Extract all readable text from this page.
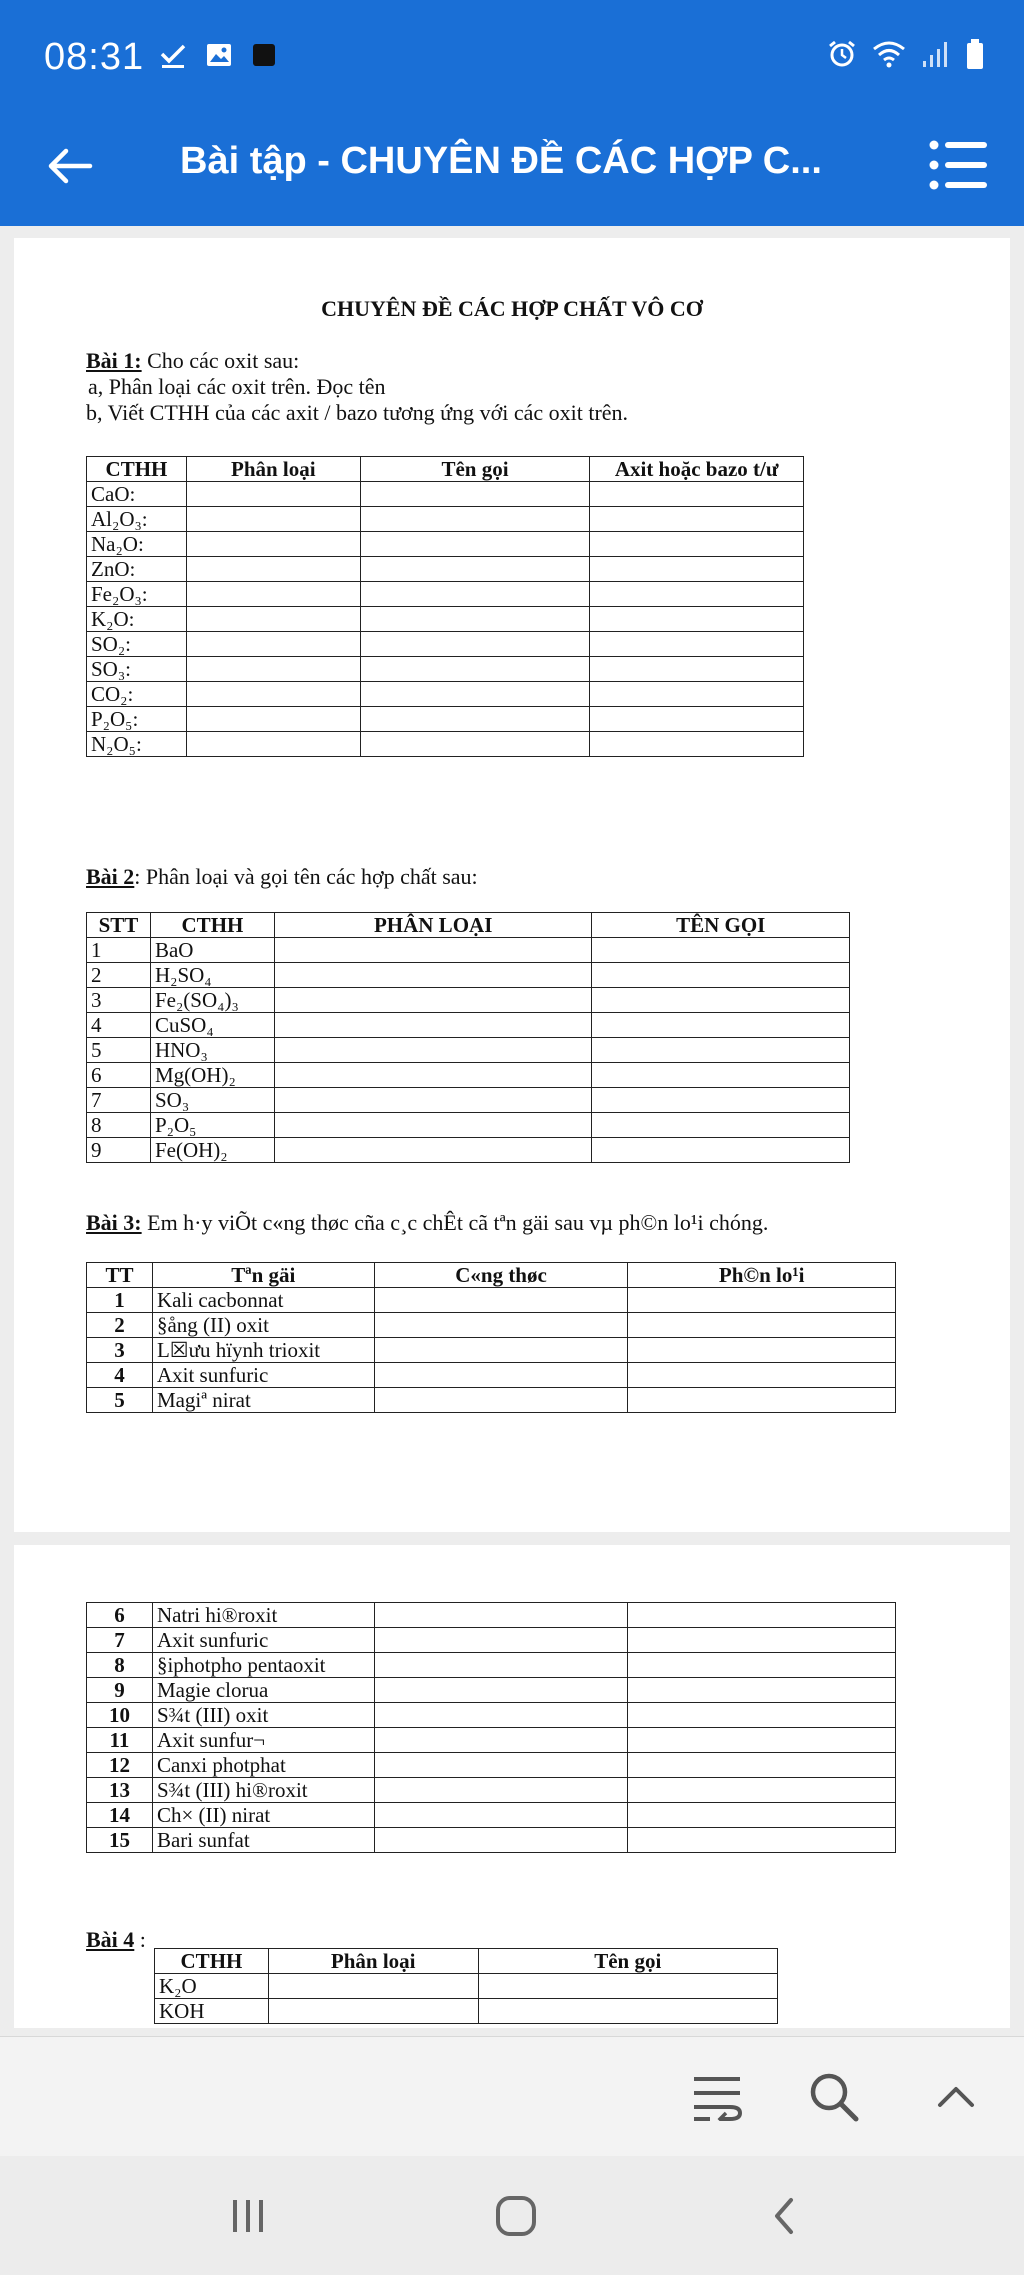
08:31
Bài tập - CHUYÊN ĐỀ CÁC HỢP C...
CHUYÊN ĐỀ CÁC HỢP CHẤT VÔ CƠ
Bài 1: Cho các oxit sau:
a, Phân loại các oxit trên. Đọc tên
b, Viết CTHH của các axit / bazo tương ứng với các oxit trên.
CTHH	Phân loại	Tên gọi	Axit hoặc bazo t/ư
CaO:			
Al₂O₃:			
Na₂O:			
ZnO:			
Fe₂O₃:			
K₂O:			
SO₂:			
SO₃:			
CO₂:			
P₂O₅:			
N₂O₅:			
Bài 2: Phân loại và gọi tên các hợp chất sau:
STT	CTHH	PHÂN LOẠI	TÊN GỌI
1	BaO		
2	H₂SO₄		
3	Fe₂(SO₄)₃		
4	CuSO₄		
5	HNO₃		
6	Mg(OH)₂		
7	SO₃		
8	P₂O₅		
9	Fe(OH)₂		
Bài 3: Em h·y viÕt c«ng thøc cña c¸c chÊt cã tªn gäi sau vµ ph©n lo¹i chóng.
TT	Tªn gäi	C«ng thøc	Ph©n lo¹i
1	Kali cacbonnat		
2	§ång (II) oxit		
3	L☒ưu hïynh trioxit		
4	Axit sunfuric		
5	Magiª nirat		
6	Natri hi®roxit		
7	Axit sunfuric		
8	§iphotpho pentaoxit		
9	Magie clorua		
10	S¾t (III) oxit		
11	Axit sunfur¬		
12	Canxi photphat		
13	S¾t (III) hi®roxit		
14	Ch× (II) nirat		
15	Bari sunfat		
Bài 4 :
CTHH	Phân loại	Tên gọi
K₂O		
KOH		
